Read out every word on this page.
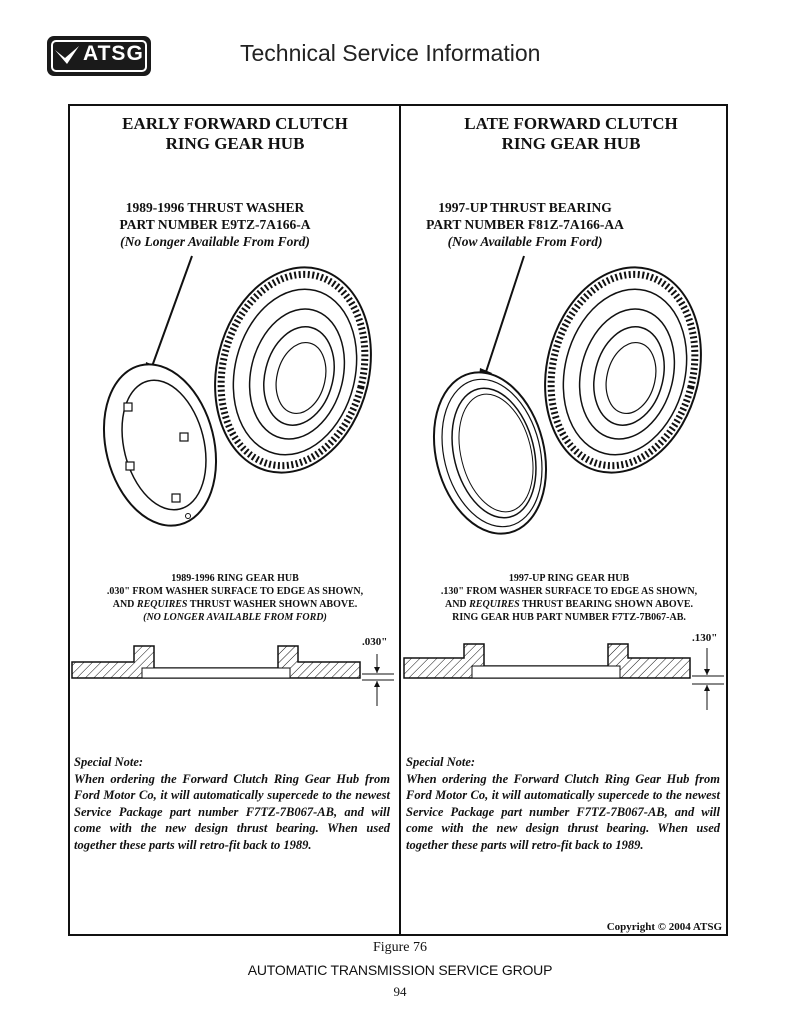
ATSG	Technical Service Information
EARLY FORWARD CLUTCH
RING GEAR HUB
1989-1996 THRUST WASHER
PART NUMBER E9TZ-7A166-A
(No Longer Available From Ford)
1989-1996 RING GEAR HUB
.030" FROM WASHER SURFACE TO EDGE AS SHOWN,
AND REQUIRES THRUST WASHER SHOWN ABOVE.
(NO LONGER AVAILABLE FROM FORD)
.030"
Special Note:
When ordering the Forward Clutch Ring Gear Hub from Ford Motor Co, it will automatically supercede to the newest Service Package part number F7TZ-7B067-AB, and will come with the new design thrust bearing. When used together these parts will retro-fit back to 1989.
LATE FORWARD CLUTCH
RING GEAR HUB
1997-UP THRUST BEARING
PART NUMBER F81Z-7A166-AA
(Now Available From Ford)
1997-UP RING GEAR HUB
.130" FROM WASHER SURFACE TO EDGE AS SHOWN,
AND REQUIRES THRUST BEARING SHOWN ABOVE.
RING GEAR HUB PART NUMBER F7TZ-7B067-AB.
.130"
Special Note:
When ordering the Forward Clutch Ring Gear Hub from Ford Motor Co, it will automatically supercede to the newest Service Package part number F7TZ-7B067-AB, and will come with the new design thrust bearing. When used together these parts will retro-fit back to 1989.
Copyright © 2004 ATSG
Figure 76
AUTOMATIC TRANSMISSION SERVICE GROUP
94
